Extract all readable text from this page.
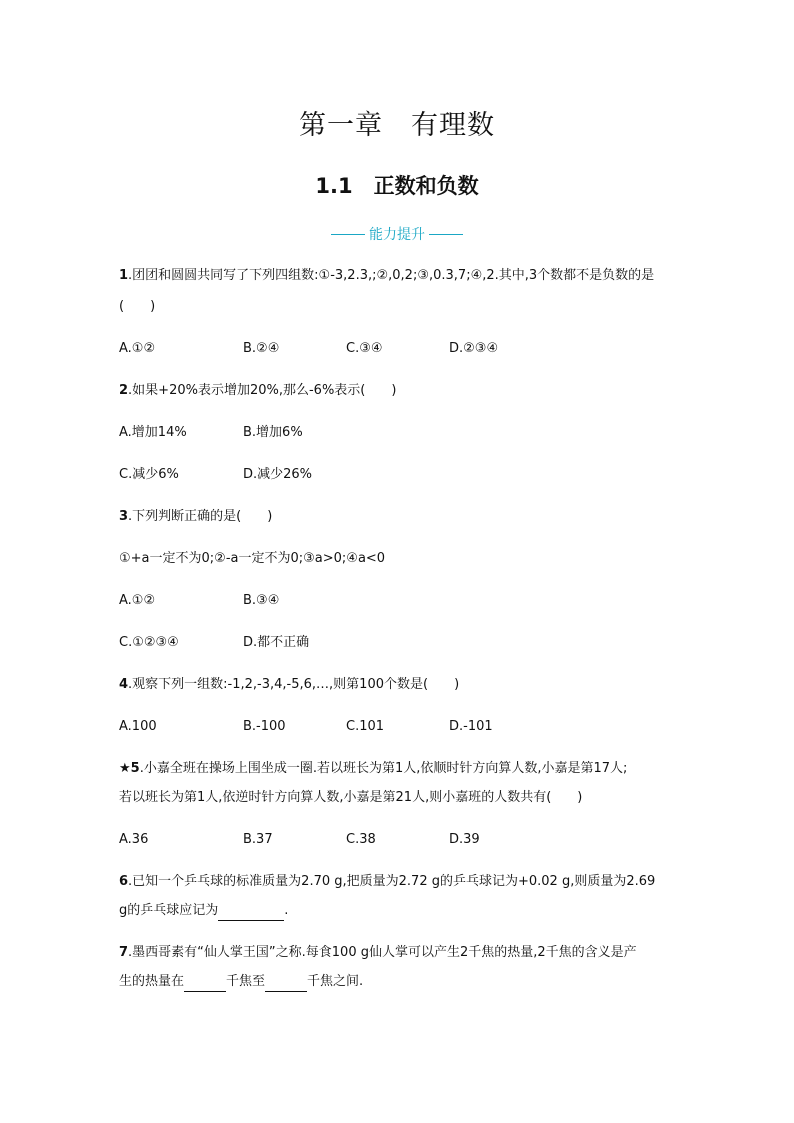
第一章　有理数
1.1　正数和负数
能力提升
1.团团和圆圆共同写了下列四组数:①-3,2.3,;②,0,2;③,0.3,7;④,2.其中,3个数都不是负数的是
(　　)
A.①②	B.②④	C.③④	D.②③④
2.如果+20%表示增加20%,那么-6%表示(　　)
A.增加14%	B.增加6%
C.减少6%	D.减少26%
3.下列判断正确的是(　　)
①+a一定不为0;②-a一定不为0;③a>0;④a<0
A.①②	B.③④
C.①②③④	D.都不正确
4.观察下列一组数:-1,2,-3,4,-5,6,…,则第100个数是(　　)
A.100	B.-100	C.101	D.-101
★5.小嘉全班在操场上围坐成一圈.若以班长为第1人,依顺时针方向算人数,小嘉是第17人;
若以班长为第1人,依逆时针方向算人数,小嘉是第21人,则小嘉班的人数共有(　　)
A.36	B.37	C.38	D.39
6.已知一个乒乓球的标准质量为2.70 g,把质量为2.72 g的乒乓球记为+0.02 g,则质量为2.69
g的乒乓球应记为	.
7.墨西哥素有“仙人掌王国”之称.每食100 g仙人掌可以产生2千焦的热量,2千焦的含义是产
生的热量在	千焦至	千焦之间.
